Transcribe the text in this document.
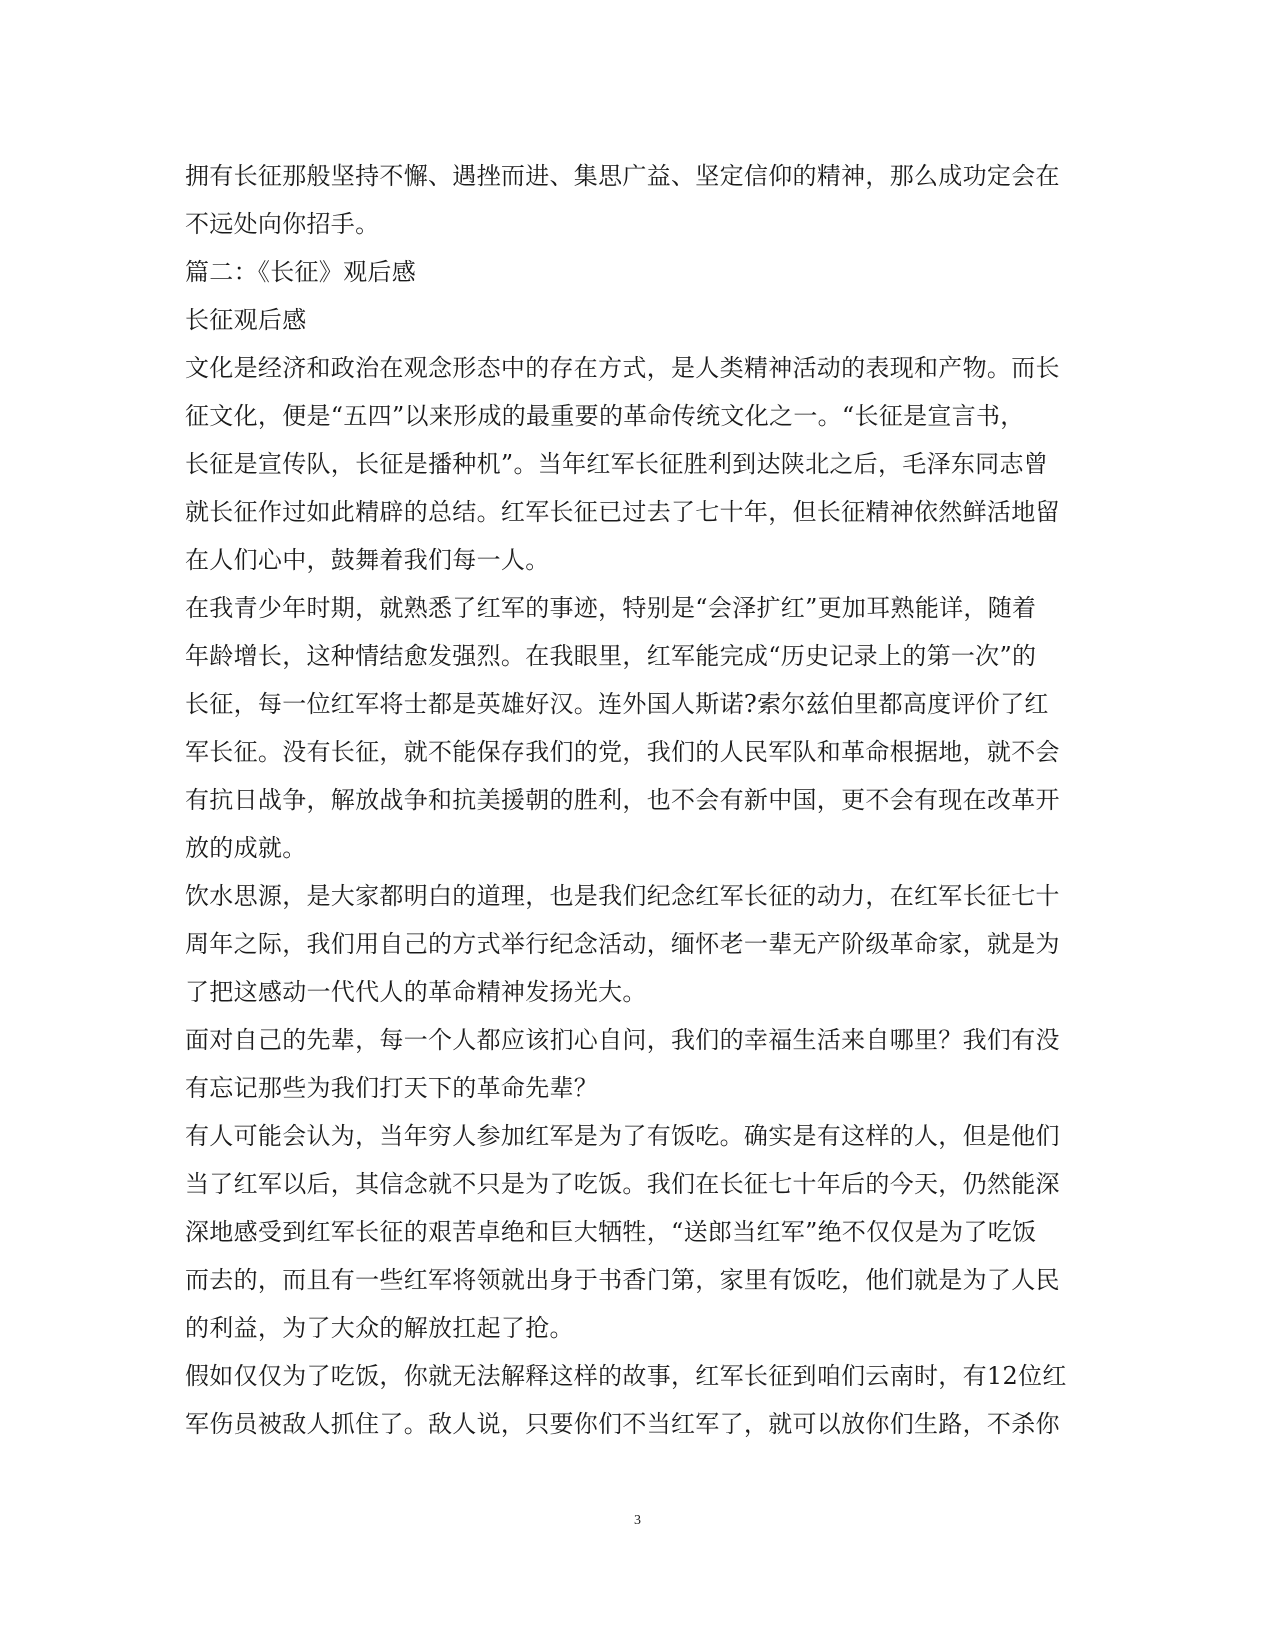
拥有长征那般坚持不懈、遇挫而进、集思广益、坚定信仰的精神，那么成功定会在
不远处向你招手。
篇二：《长征》观后感
长征观后感
文化是经济和政治在观念形态中的存在方式，是人类精神活动的表现和产物。而长
征文化，便是“五四”以来形成的最重要的革命传统文化之一。“长征是宣言书，
长征是宣传队，长征是播种机”。当年红军长征胜利到达陕北之后，毛泽东同志曾
就长征作过如此精辟的总结。红军长征已过去了七十年，但长征精神依然鲜活地留
在人们心中，鼓舞着我们每一人。
在我青少年时期，就熟悉了红军的事迹，特别是“会泽扩红”更加耳熟能详，随着
年龄增长，这种情结愈发强烈。在我眼里，红军能完成“历史记录上的第一次”的
长征，每一位红军将士都是英雄好汉。连外国人斯诺?索尔兹伯里都高度评价了红
军长征。没有长征，就不能保存我们的党，我们的人民军队和革命根据地，就不会
有抗日战争，解放战争和抗美援朝的胜利，也不会有新中国，更不会有现在改革开
放的成就。
饮水思源，是大家都明白的道理，也是我们纪念红军长征的动力，在红军长征七十
周年之际，我们用自己的方式举行纪念活动，缅怀老一辈无产阶级革命家，就是为
了把这感动一代代人的革命精神发扬光大。
面对自己的先辈，每一个人都应该扪心自问，我们的幸福生活来自哪里？我们有没
有忘记那些为我们打天下的革命先辈？
有人可能会认为，当年穷人参加红军是为了有饭吃。确实是有这样的人，但是他们
当了红军以后，其信念就不只是为了吃饭。我们在长征七十年后的今天，仍然能深
深地感受到红军长征的艰苦卓绝和巨大牺牲，“送郎当红军”绝不仅仅是为了吃饭
而去的，而且有一些红军将领就出身于书香门第，家里有饭吃，他们就是为了人民
的利益，为了大众的解放扛起了抢。
假如仅仅为了吃饭，你就无法解释这样的故事，红军长征到咱们云南时，有12位红
军伤员被敌人抓住了。敌人说，只要你们不当红军了，就可以放你们生路，不杀你
3
